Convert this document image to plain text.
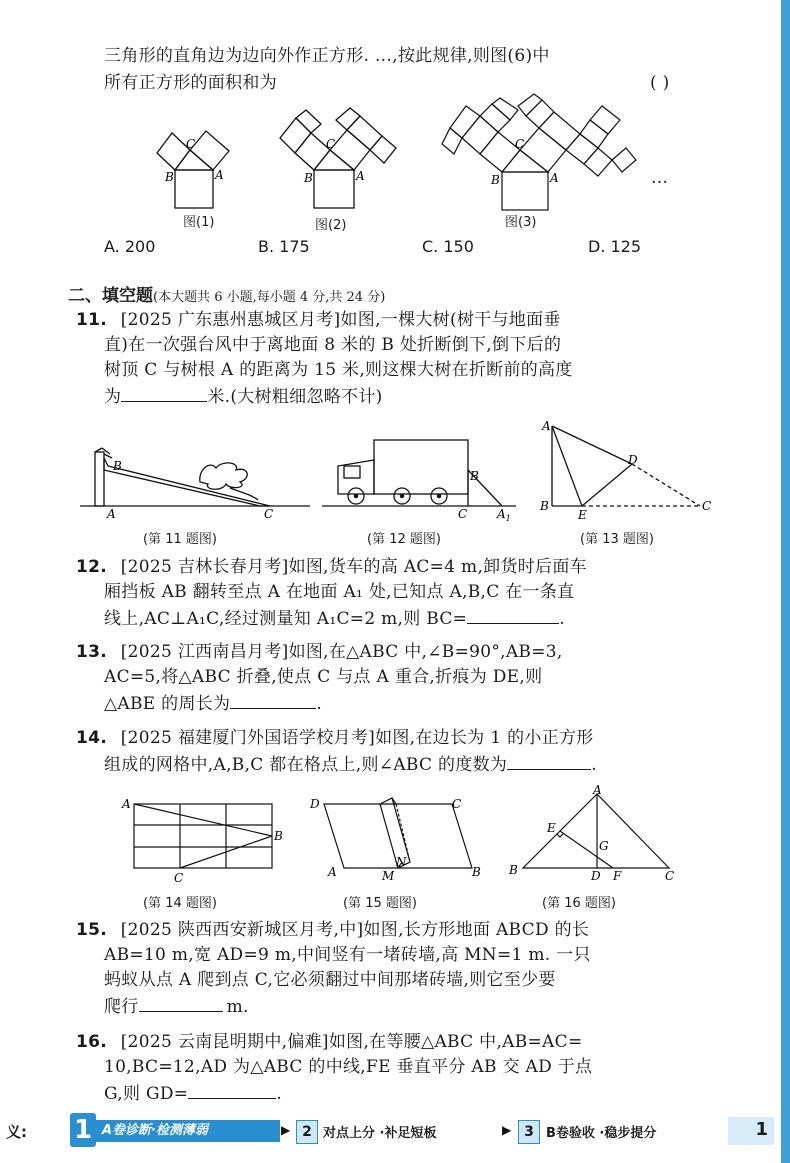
三角形的直角边为边向外作正方形. …,按此规律,则图(6)中
所有正方形的面积和为	( )
C
B	A
C
B	A
C
B	A	…
图(1)	图(2)	图(3)
A. 200	B. 175	C. 150	D. 125
二、填空题(本大题共 6 小题,每小题 4 分,共 24 分)
11. [2025 广东惠州惠城区月考]如图,一棵大树(树干与地面垂
直)在一次强台风中于离地面 8 米的 B 处折断倒下,倒下后的
树顶 C 与树根 A 的距离为 15 米,则这棵大树在折断前的高度
为	米.(大树粗细忽略不计)
B
A	C
B
C $A_1$
A
D
B
E
C
(第 11 题图)	(第 12 题图)	(第 13 题图)
12. [2025 吉林长春月考]如图,货车的高 AC=4 m,卸货时后面车
厢挡板 AB 翻转至点 A 在地面 A₁ 处,已知点 A,B,C 在一条直
线上,AC⊥A₁C,经过测量知 A₁C=2 m,则 BC=	.
13. [2025 江西南昌月考]如图,在△ABC 中,∠B=90°,AB=3,
AC=5,将△ABC 折叠,使点 C 与点 A 重合,折痕为 DE,则
△ABE 的周长为	.
14. [2025 福建厦门外国语学校月考]如图,在边长为 1 的小正方形
组成的网格中,A,B,C 都在格点上,则∠ABC 的度数为	.
A
B
C
D	C
A	M
N
B
A
E
G
B	D F	C
(第 14 题图)	(第 15 题图)	(第 16 题图)
15. [2025 陕西西安新城区月考,中]如图,长方形地面 ABCD 的长
AB=10 m,宽 AD=9 m,中间竖有一堵砖墙,高 MN=1 m. 一只
蚂蚁从点 A 爬到点 C,它必须翻过中间那堵砖墙,则它至少要
爬行	m.
16. [2025 云南昆明期中,偏难]如图,在等腰△ABC 中,AB=AC=
10,BC=12,AD 为△ABC 的中线,FE 垂直平分 AB 交 AD 于点
G,则 GD=	.
义: 1 A卷诊断·检测薄弱	▶ 2 对点上分 ·补足短板	▶ 3 B卷验收 ·稳步提分	1
